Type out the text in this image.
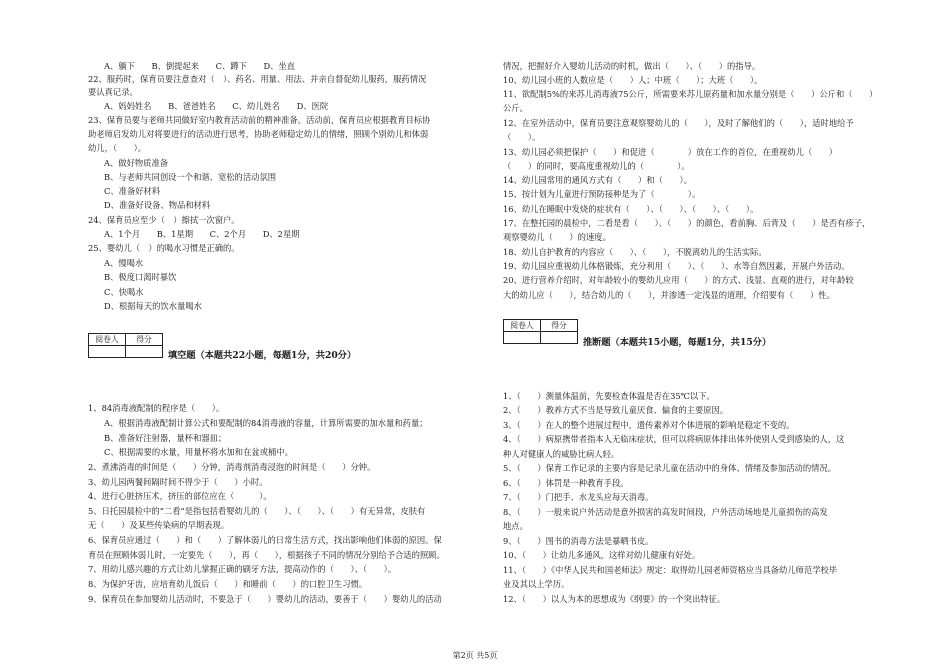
A、躺下　　B、倒提起来　　C、蹲下　　D、坐直
22、服药时，保育员要注意查对（　）、药名、用量、用法、并亲自督促幼儿服药，服药情况
要认真记录。
A、妈妈姓名　　B、爸爸姓名　　C、幼儿姓名　　D、医院
23、保育员要与老师共同做好室内教育活动前的精神准备。活动前，保育员应根据教育目标协
助老师启发幼儿对将要进行的活动进行思考，协助老师稳定幼儿的情绪，照顾个别幼儿和体弱
幼儿，（　　）。
A、做好物质准备
B、与老师共同创设一个和谐、宽松的活动氛围
C、准备好材料
D、准备好设备、物品和材料
24、保育员应至少（　）擦拭一次窗户。
A、1个月　　B、1星期　　C、2个月　　D、2星期
25、婴幼儿（　）的喝水习惯是正确的。
A、慢喝水
B、极度口渴时暴饮
C、快喝水
D、根据每天的饮水量喝水
阅卷人	得分

填空题（本题共22小题，每题1分，共20分）
1、84消毒液配制的程序是（　　）。
A、根据消毒液配制计算公式和要配制的84消毒液的容量，计算所需要的加水量和药量；
B、准备好注射器，量杯和器皿；
C、根据需要的水量，用量杯将水加和在盆或桶中。
2、煮沸消毒的时间是（　　）分钟，消毒剂消毒浸泡的时间是（　　）分钟。
3、幼儿园两餐间隔时间不得少于（　　）小时。
4、进行心脏挤压术，挤压的部位应在（　　　）。
5、日托园晨检中的“二看”是指包括看婴幼儿的（　　）、（　　）、（　　）有无异常，皮肤有
无（　　）及某些传染病的早期表现。
6、保育员应通过（　　）和（　　）了解体弱儿的日常生活方式，找出影响他们体弱的原因。保
育员在照顾体弱儿时，一定要先（　　），再（　　），根据孩子不同的情况分别给予合适的照顾。
7、用幼儿感兴趣的方式让幼儿掌握正确的刷牙方法，提高动作的（　　）、（　　）。
8、为保护牙齿，应培育幼儿饭后（　　）和睡前（　　）的口腔卫生习惯。
9、保育员在参加婴幼儿活动时，不要急于（　　）婴幼儿的活动，要善于（　　）婴幼儿的活动
情况，把握好介入婴幼儿活动的时机，做出（　　）、（　　）的指导。
10、幼儿园小班的人数应是（　　）人；中班（　　）；大班（　　）。
11、欲配制5%的来苏儿消毒液75公斤，所需要来苏儿原药量和加水量分别是（　　）公斤和（　　）
公斤。
12、在室外活动中，保育员要注意观察婴幼儿的（　　），及时了解他们的（　　），适时地给予
（　　）。
13、幼儿园必须把保护（　　）和促进（　　　　）放在工作的首位，在重视幼儿（　　）
（　　）的同时，要高度重视幼儿的（　　　　）。
14、幼儿园常用的通风方式有（　　）和（　　）。
15、按计划为儿童进行预防接种是为了（　　　　）。
16、幼儿在睡眠中发烧的症状有（　　）、（　　）、（　　）、（　　）。
17、在整托园的晨检中，二看是看（　　）、（　　）的颜色，看前胸、后背及（　　）是否有疹子，
观察婴幼儿（　　）的速度。
18、幼儿自护教育的内容应（　　）、（　　），不脱离幼儿的生活实际。
19、幼儿园应重视幼儿体格锻炼，充分利用（　　）、（　　）、水等自然因素，开展户外活动。
20、进行营养介绍时，对年龄较小的婴幼儿应用（　　）的方式、浅显、直观的进行，对年龄较
大的幼儿应（　　），结合幼儿的（　　），并渗透一定浅显的道理，介绍要有（　　）性。
阅卷人	得分

推断题（本题共15小题，每题1分，共15分）
1、（　　）测量体温前，先要检查体温是否在35℃以下。
2、（　　）教养方式不当是导致儿童厌食、偏食的主要原因。
3、（　　）在人的整个进展过程中，遗传素养对个体进展的影响是稳定不变的。
4、（　　）病原携带者指本人无临床症状，但可以将病原体排出体外使别人受到感染的人，这
种人对健康人的威胁比病人轻。
5、（　　）保育工作记录的主要内容是记录儿童在活动中的身体、情绪及参加活动的情况。
6、（　　）体罚是一种教育手段。
7、（　　）门把手、水龙头应每天消毒。
8、（　　）一般来说户外活动是意外损害的高发时间段，户外活动场地是儿童损伤的高发
地点。
9、（　　）图书的消毒方法是暴晒书皮。
10、（　　）让幼儿多通风，这样对幼儿健康有好处。
11、（　　）《中华人民共和国老师法》规定：取得幼儿园老师资格应当具备幼儿师范学校毕
业及其以上学历。
12、（　　）以人为本的思想成为《纲要》的一个突出特征。
第2页 共5页
